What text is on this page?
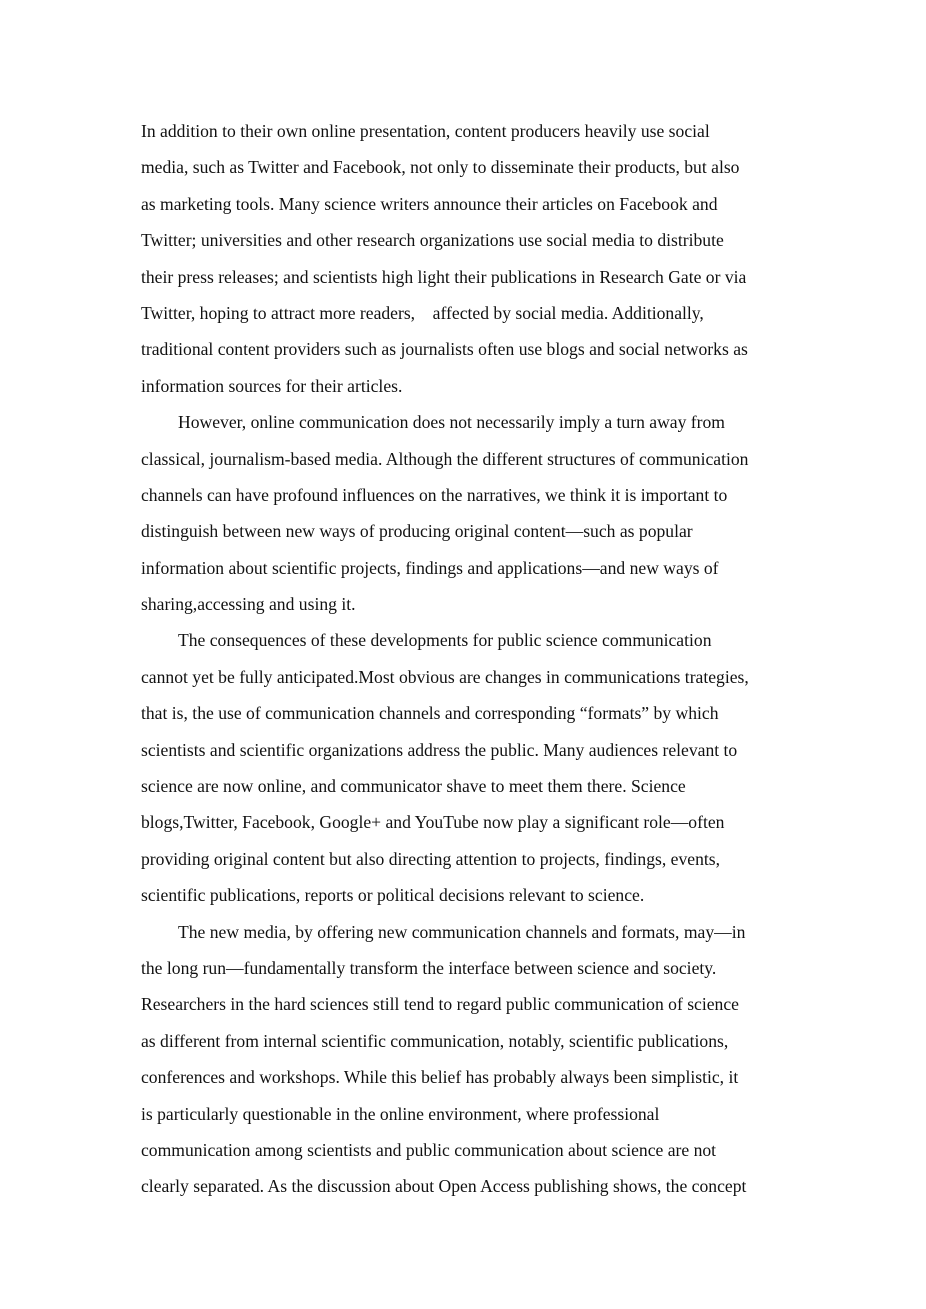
In addition to their own online presentation, content producers heavily use social
media, such as Twitter and Facebook, not only to disseminate their products, but also
as marketing tools. Many science writers announce their articles on Facebook and
Twitter; universities and other research organizations use social media to distribute
their press releases; and scientists high light their publications in Research Gate or via
Twitter, hoping to attract more readers,    affected by social media. Additionally,
traditional content providers such as journalists often use blogs and social networks as
information sources for their articles.
However, online communication does not necessarily imply a turn away from
classical, journalism-based media. Although the different structures of communication
channels can have profound influences on the narratives, we think it is important to
distinguish between new ways of producing original content—such as popular
information about scientific projects, findings and applications—and new ways of
sharing,accessing and using it.
The consequences of these developments for public science communication
cannot yet be fully anticipated.Most obvious are changes in communications trategies,
that is, the use of communication channels and corresponding “formats” by which
scientists and scientific organizations address the public. Many audiences relevant to
science are now online, and communicator shave to meet them there. Science
blogs,Twitter, Facebook, Google+ and YouTube now play a significant role—often
providing original content but also directing attention to projects, findings, events,
scientific publications, reports or political decisions relevant to science.
The new media, by offering new communication channels and formats, may—in
the long run—fundamentally transform the interface between science and society.
Researchers in the hard sciences still tend to regard public communication of science
as different from internal scientific communication, notably, scientific publications,
conferences and workshops. While this belief has probably always been simplistic, it
is particularly questionable in the online environment, where professional
communication among scientists and public communication about science are not
clearly separated. As the discussion about Open Access publishing shows, the concept
